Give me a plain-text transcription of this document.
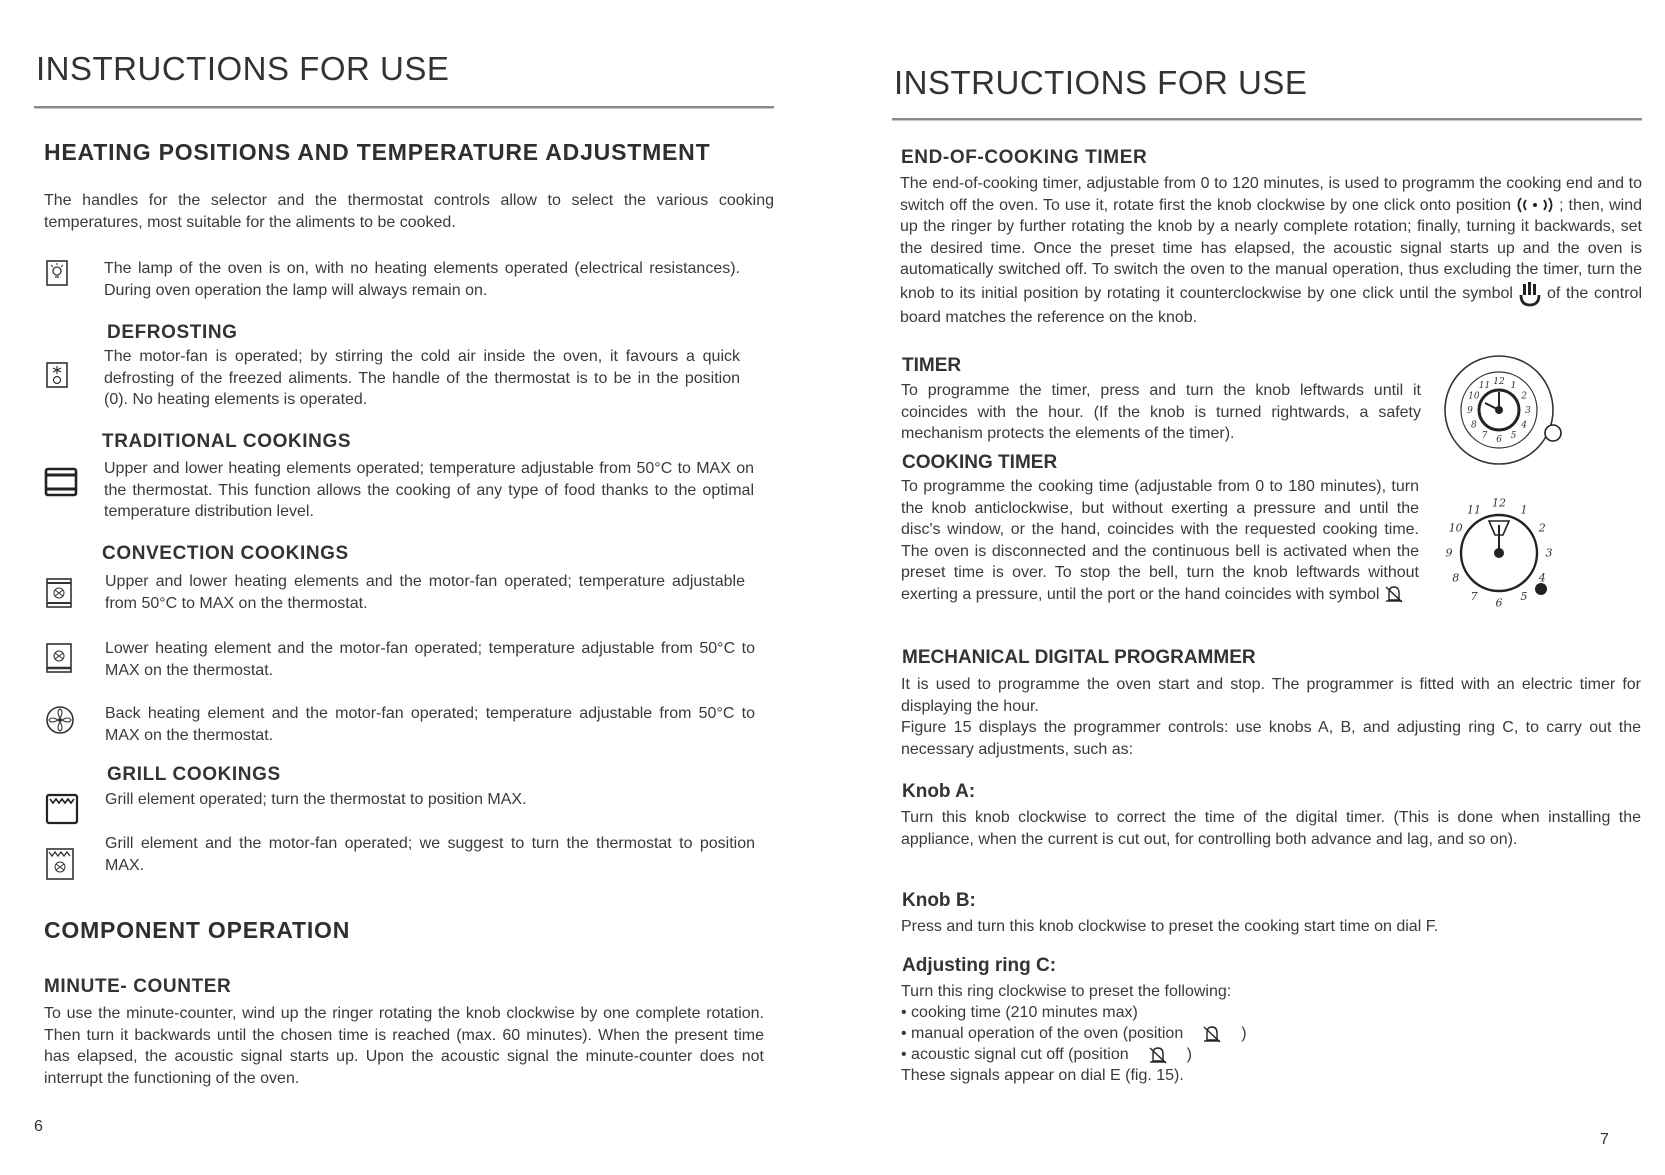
INSTRUCTIONS FOR USE
HEATING POSITIONS AND TEMPERATURE ADJUSTMENT

The handles for the selector and the thermostat controls allow to select the various cooking temperatures, most suitable for the aliments to be cooked.

The lamp of the oven is on, with no heating elements operated (electrical resistances). During oven operation the lamp will always remain on.

DEFROSTING

The motor-fan is operated; by stirring the cold air inside the oven, it favours a quick defrosting of the freezed aliments. The handle of the thermostat is to be in the position (0). No heating elements is operated.

TRADITIONAL COOKINGS

Upper and lower heating elements operated; temperature adjustable from 50°C to MAX on the thermostat. This function allows the cooking of any type of food thanks to the optimal temperature distribution level.

CONVECTION COOKINGS

Upper and lower heating elements and the motor-fan operated; temperature adjustable from 50°C to MAX on the thermostat.

Lower heating element and the motor-fan operated; temperature adjustable from 50°C to MAX on the thermostat.

Back heating element and the motor-fan operated; temperature adjustable from 50°C to MAX on the thermostat.

GRILL COOKINGS

Grill element operated; turn the thermostat to position MAX.

Grill element and the motor-fan operated; we suggest to turn the thermostat to position MAX.

COMPONENT OPERATION
MINUTE- COUNTER

To use the minute-counter, wind up the ringer rotating the knob clockwise by one complete rotation. Then turn it backwards until the chosen time is reached (max. 60 minutes). When the present time has elapsed, the acoustic signal starts up. Upon the acoustic signal the minute-counter does not interrupt the functioning of the oven.

6
INSTRUCTIONS FOR USE
END-OF-COOKING TIMER

The end-of-cooking timer, adjustable from 0 to 120 minutes, is used to programm the cooking end and to switch off the oven. To use it, rotate first the knob clockwise by one click onto position	; then, wind up the ringer by further rotating the knob by a nearly complete rotation; finally, turning it backwards, set the desired time. Once the preset time has elapsed, the acoustic signal starts up and the oven is automatically switched off. To switch the oven to the manual operation, thus excluding the timer, turn the knob to its initial position by rotating it counterclockwise by one click until the symbol of the control board matches the reference on the knob.

TIMER

To programme the timer, press and turn the knob leftwards until it coincides with the hour. (If the knob is turned rightwards, a safety mechanism protects the elements of the timer).

12 1
2
3
4
5
6
7
8
9
10
11
COOKING TIMER

To programme the cooking time (adjustable from 0 to 180 minutes), turn the knob anticlockwise, but without exerting a pressure and until the disc's window, or the hand, coincides with the requested cooking time. The oven is disconnected and the continuous bell is activated when the preset time is over. To stop the bell, turn the knob leftwards without exerting a pressure, until the port or the hand coincides with symbol

12
1
2
3
4
5
6
7
8
9
10
11
MECHANICAL DIGITAL PROGRAMMER

It is used to programme the oven start and stop. The programmer is fitted with an electric timer for displaying the hour.

Figure 15 displays the programmer controls: use knobs A, B, and adjusting ring C, to carry out the necessary adjustments, such as:

Knob A:

Turn this knob clockwise to correct the time of the digital timer. (This is done when installing the appliance, when the current is cut out, for controlling both advance and lag, and so on).

Knob B:

Press and turn this knob clockwise to preset the cooking start time on dial F.

Adjusting ring C:

Turn this ring clockwise to preset the following:

• cooking time (210 minutes max)

• manual operation of the oven (position	)

• acoustic signal cut off (position	)

These signals appear on dial E (fig. 15).

7
